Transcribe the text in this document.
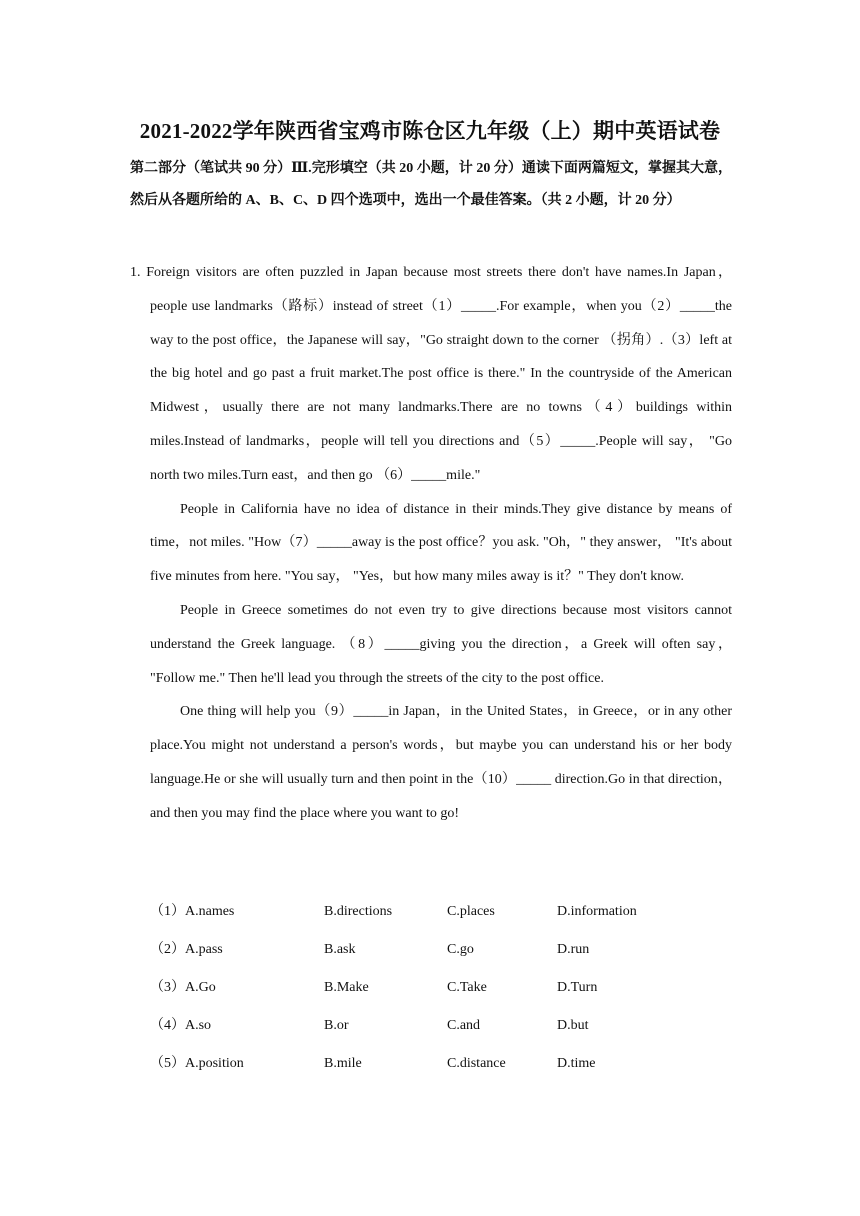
2021-2022学年陕西省宝鸡市陈仓区九年级（上）期中英语试卷
第二部分（笔试共 90 分）Ⅲ.完形填空（共 20 小题，计 20 分）通读下面两篇短文，掌握其大意，然后从各题所给的 A、B、C、D 四个选项中，选出一个最佳答案。（共 2 小题，计 20 分）

1. Foreign visitors are often puzzled in Japan because most streets there don't have names.In Japan，people use landmarks（路标）instead of street（1）_____.For example，when you（2）_____the way to the post office，the Japanese will say，"Go straight down to the corner （拐角）.（3）left at the big hotel and go past a fruit market.The post office is there." In the countryside of the American Midwest，usually there are not many landmarks.There are no towns（4）buildings within miles.Instead of landmarks，people will tell you directions and（5）_____.People will say， "Go north two miles.Turn east，and then go （6）_____mile."

People in California have no idea of distance in their minds.They give distance by means of time，not miles. "How（7）_____away is the post office？you ask. "Oh，" they answer， "It's about five minutes from here. "You say， "Yes，but how many miles away is it？" They don't know.

People in Greece sometimes do not even try to give directions because most visitors cannot understand the Greek language. （8）_____giving you the direction，a Greek will often say， "Follow me." Then he'll lead you through the streets of the city to the post office.

One thing will help you（9）_____in Japan，in the United States，in Greece，or in any other place.You might not understand a person's words，but maybe you can understand his or her body language.He or she will usually turn and then point in the（10）_____ direction.Go in that direction，and then you may find the place where you want to go!

（1）A.names	B.directions	C.places	D.information
（2）A.pass	B.ask	C.go	D.run
（3）A.Go	B.Make	C.Take	D.Turn
（4）A.so	B.or	C.and	D.but
（5）A.position	B.mile	C.distance	D.time
